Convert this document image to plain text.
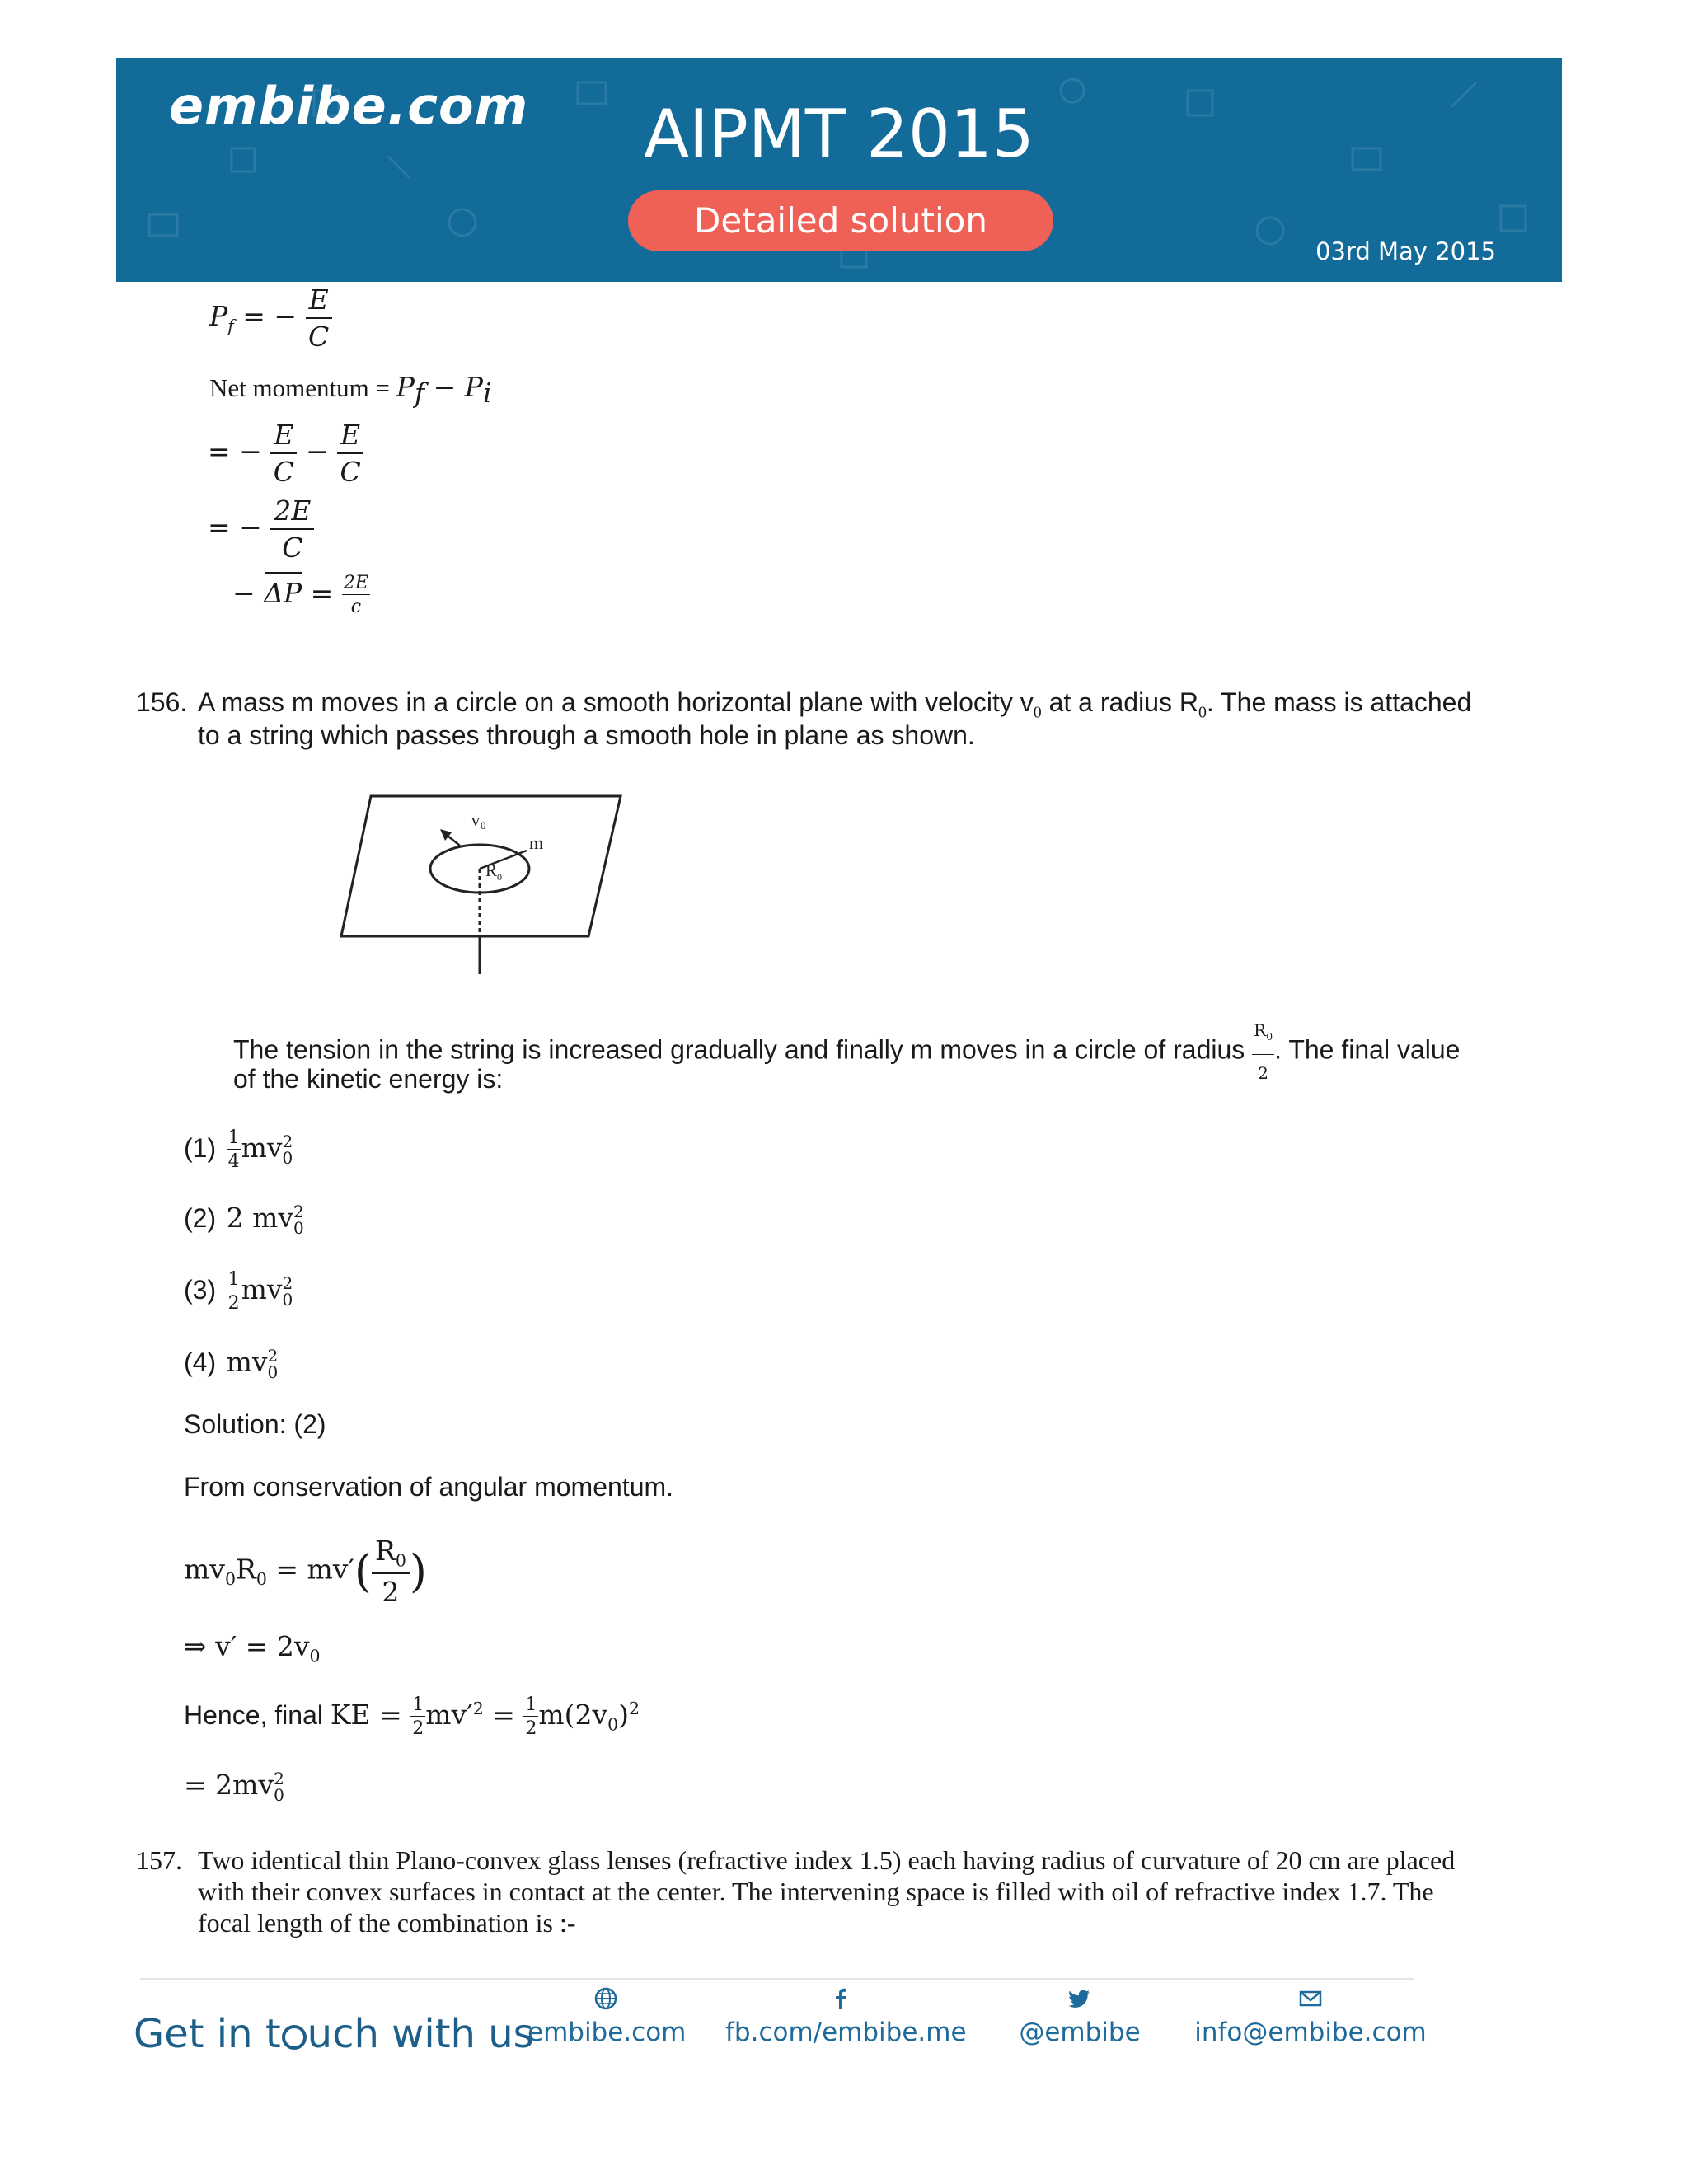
embibe.com	AIPMT 2015
Detailed solution
03rd May 2015
$P_f$ = − $\frac{E}{C}$
Net momentum = $P_f - P_i$
= − $\frac{E}{C} - \frac{E}{C}$
= − $\frac{2E}{C}$
−
$\Delta P = \frac{2E}{c}$
156. A mass m moves in a circle on a smooth horizontal plane with velocity $v_0$ at a radius $R_0$. The mass is attached
to a string which passes through a smooth hole in plane as shown.
v 0
m
R 0
The tension in the string is increased gradually and finally m moves in a circle of radius $\frac{R_0}{2}$ . The final value
of the kinetic energy is:
$(1) \frac{1}{4}$ mv 2
0
(2) 2 mv 2
0
$(3) \frac{1}{2}$ mv 2
0
(4) mv 2
0
Solution: (2)
From conservation of angular momentum.
$mv_0R_0 = mv'( \frac{R_0}{2}$ )
⇒ $v' = 2v_0$
Hence, final KE = $\frac{1}{2} mv'^2 = \frac{1}{2} m(2v_0)^2$
= 2mv 2
0
157. Two identical thin Plano-convex glass lenses (refractive index 1.5) each having radius of curvature of 20 cm are placed
with their convex surfaces in contact at the center. The intervening space is filled with oil of refractive index 1.7. The
focal length of the combination is :-
Get in t uch with us
embibe.com fb.com/embibe.me	@embibe	info@embibe.com
